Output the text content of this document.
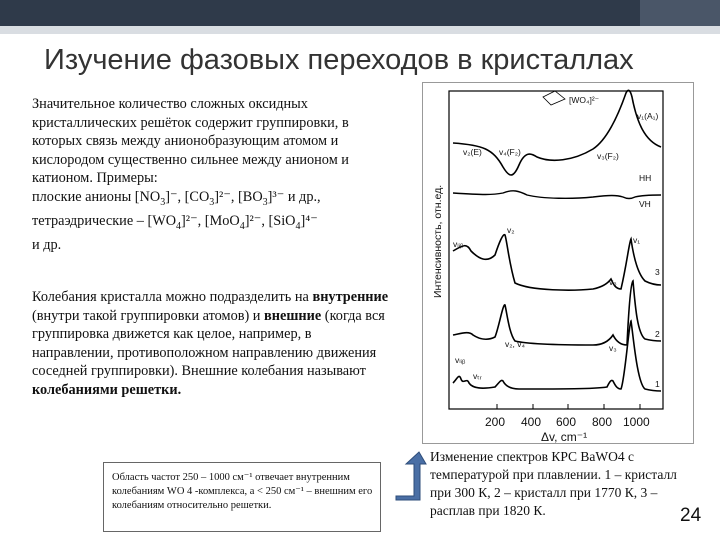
Изучение фазовых переходов в кристаллах

Значительное количество сложных оксидных кристаллических решёток содержит группировки, в которых связь между анионобразующим атомом и кислородом существенно сильнее между анионом и катионом. Примеры:
плоские анионы $[NO_3]^-$, $[CO_3]^{2-}$, $[BO_3]^{3-}$ и др.,
тетраэдрические – $[WO_4]^{2-}$, [MoO$_4$]²⁻, [SiO$_4$]⁴⁻
и др.

Колебания кристалла можно подразделить на внутренние (внутри такой группировки атомов) и внешние (когда вся группировка движется как целое, например, в направлении, противоположном направлению движения соседней группировки). Внешние колебания называют колебаниями решетки.

Область частот 250 – 1000 см⁻¹ отвечает внутренним колебаниям WO 4 -комплекса, а < 250 см⁻¹ – внешним его колебаниям относительно решетки.
Изменение спектров КРС BaWO4 с температурой при плавлении. 1 – кристалл при 300 К, 2 – кристалл при 1770 К, 3 – расплав при 1820 К.	24
Интенсивность, отн.ед.
200 400 600 800 1000
Δv, cm⁻¹
[WO₄]²⁻
v₁(A₁)
v₂(E) v₄(F₂)	v₃(F₂)
HH
VH
v₂
v₁
vₗᵢᵦ
v₃
3
2
v₂, v₄	v₃
vₗᵢᵦ
vₜᵣ
1
